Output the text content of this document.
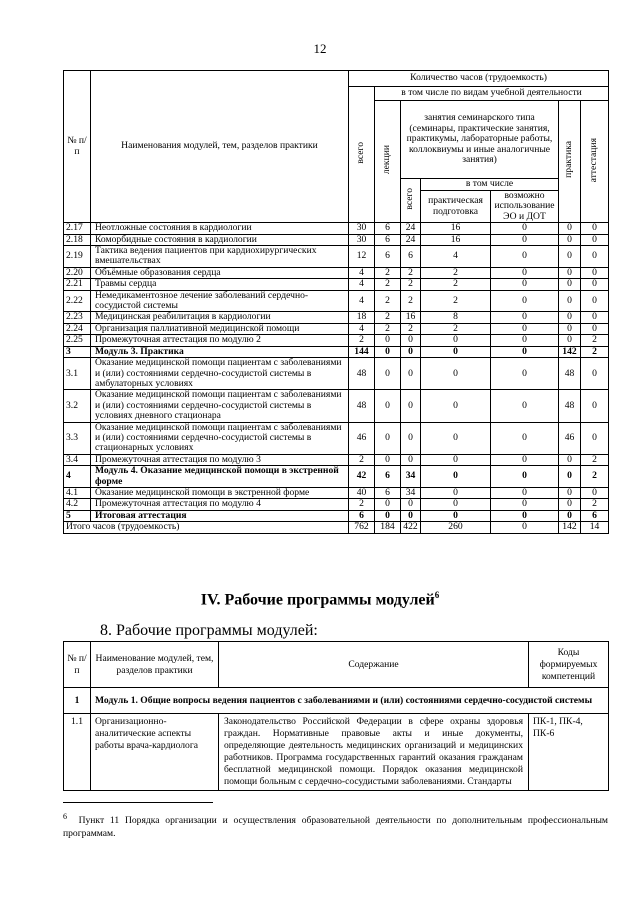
12
№ п/п	Наименования модулей, тем, разделов практики	Количество часов (трудоемкость)						
		всего	в том числе по видам учебной деятельности					
			лекции	занятия семинарского типа (семинары, практические занятия, практикумы, лабораторные работы, коллоквиумы и иные аналогичные занятия)			практика	аттестация
				всего	в том числе			
					практическая подготовка	возможно использование ЭО и ДОТ		
2.17	Неотложные состояния в кардиологии	30	6	24	16	0	0	0
2.18	Коморбидные состояния в кардиологии	30	6	24	16	0	0	0
2.19	Тактика ведения пациентов при кардиохирургических вмешательствах	12	6	6	4	0	0	0
2.20	Объёмные образования сердца	4	2	2	2	0	0	0
2.21	Травмы сердца	4	2	2	2	0	0	0
2.22	Немедикаментозное лечение заболеваний сердечно-сосудистой системы	4	2	2	2	0	0	0
2.23	Медицинская реабилитация в кардиологии	18	2	16	8	0	0	0
2.24	Организация паллиативной медицинской помощи	4	2	2	2	0	0	0
2.25	Промежуточная аттестация по модулю 2	2	0	0	0	0	0	2
3	Модуль 3. Практика	144	0	0	0	0	142	2
3.1	Оказание медицинской помощи пациентам с заболеваниями и (или) состояниями сердечно-сосудистой системы в амбулаторных условиях	48	0	0	0	0	48	0
3.2	Оказание медицинской помощи пациентам с заболеваниями и (или) состояниями сердечно-сосудистой системы в условиях дневного стационара	48	0	0	0	0	48	0
3.3	Оказание медицинской помощи пациентам с заболеваниями и (или) состояниями сердечно-сосудистой системы в стационарных условиях	46	0	0	0	0	46	0
3.4	Промежуточная аттестация по модулю 3	2	0	0	0	0	0	2
4	Модуль 4. Оказание медицинской помощи в экстренной форме	42	6	34	0	0	0	2
4.1	Оказание медицинской помощи в экстренной форме	40	6	34	0	0	0	0
4.2	Промежуточная аттестация по модулю 4	2	0	0	0	0	0	2
5	Итоговая аттестация	6	0	0	0	0	0	6
Итого часов (трудоемкость)		762	184	422	260	0	142	14
IV. Рабочие программы модулей$^6$
8. Рабочие программы модулей:
№ п/п	Наименование модулей, тем, разделов практики	Содержание	Коды формируемых компетенций
1	Модуль 1. Общие вопросы ведения пациентов с заболеваниями и (или) состояниями сердечно-сосудистой системы		
1.1	Организационно-аналитические аспекты работы врача-кардиолога	Законодательство Российской Федерации в сфере охраны здоровья граждан. Нормативные правовые акты и иные документы, определяющие деятельность медицинских организаций и медицинских работников. Программа государственных гарантий оказания гражданам бесплатной медицинской помощи. Порядок оказания медицинской помощи больным с сердечно-сосудистыми заболеваниями. Стандарты	ПК-1, ПК-4, ПК-6
$^6$ Пункт 11 Порядка организации и осуществления образовательной деятельности по дополнительным профессиональным программам.
